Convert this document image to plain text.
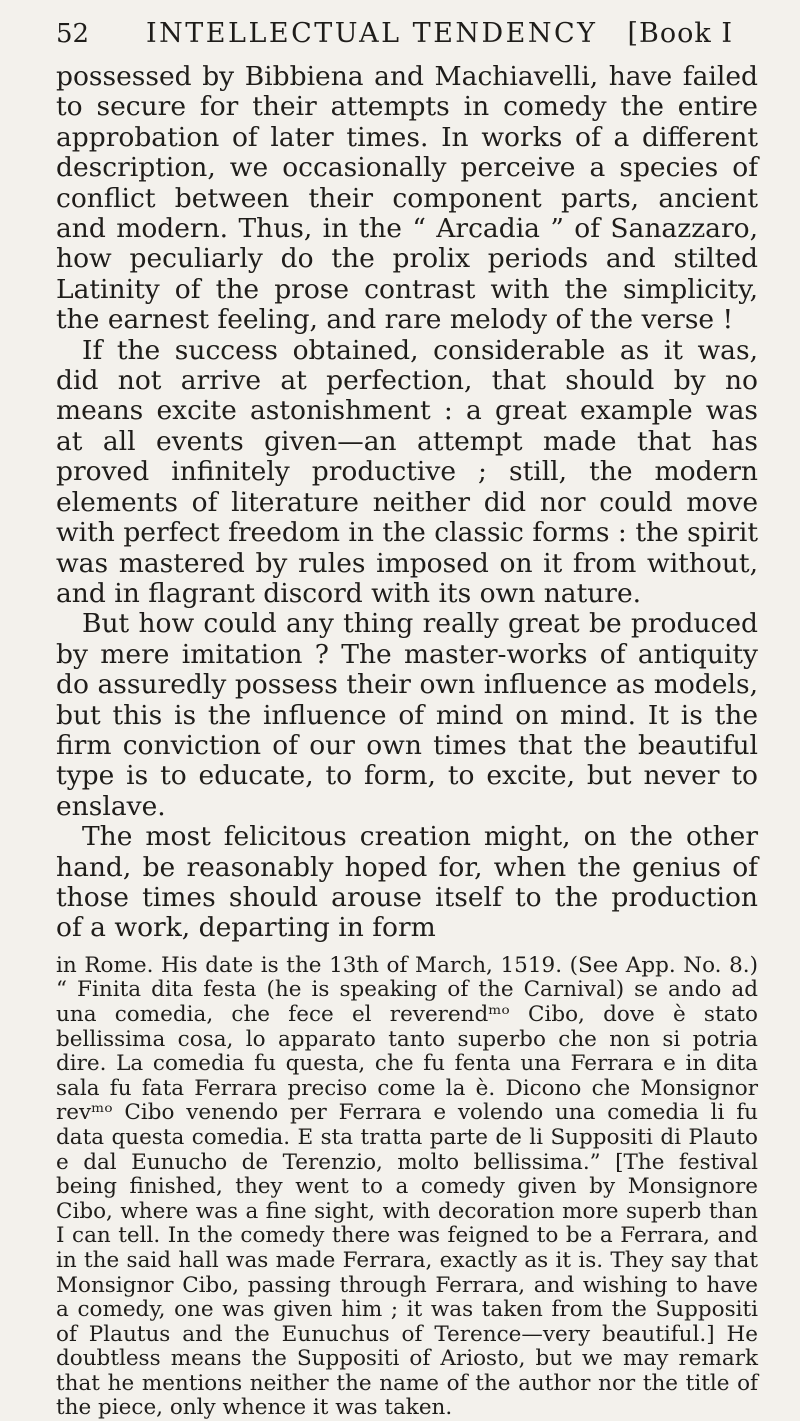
52	INTELLECTUAL TENDENCY [Book I

possessed by Bibbiena and Machiavelli, have failed to secure for their attempts in comedy the entire approbation of later times. In works of a different description, we occasionally perceive a species of conflict between their component parts, ancient and modern. Thus, in the “ Arcadia ” of Sanazzaro, how peculiarly do the prolix periods and stilted Latinity of the prose contrast with the simplicity, the earnest feeling, and rare melody of the verse !

If the success obtained, considerable as it was, did not arrive at perfection, that should by no means excite astonishment : a great example was at all events given—an attempt made that has proved infinitely productive ; still, the modern elements of literature neither did nor could move with perfect freedom in the classic forms : the spirit was mastered by rules imposed on it from without, and in flagrant discord with its own nature.

But how could any thing really great be produced by mere imitation ? The master-works of antiquity do assuredly possess their own influence as models, but this is the influence of mind on mind. It is the firm conviction of our own times that the beautiful type is to educate, to form, to excite, but never to enslave.

The most felicitous creation might, on the other hand, be reasonably hoped for, when the genius of those times should arouse itself to the production of a work, departing in form

in Rome. His date is the 13th of March, 1519. (See App. No. 8.) “ Finita dita festa (he is speaking of the Carnival) se ando ad una comedia, che fece el reverendᵐᵒ Cibo, dove è stato bellissima cosa, lo apparato tanto superbo che non si potria dire. La comedia fu questa, che fu fenta una Ferrara e in dita sala fu fata Ferrara preciso come la è. Dicono che Monsignor revᵐᵒ Cibo venendo per Ferrara e volendo una comedia li fu data questa comedia. E sta tratta parte de li Suppositi di Plauto e dal Eunucho de Terenzio, molto bellissima.” [The festival being finished, they went to a comedy given by Monsignore Cibo, where was a fine sight, with decoration more superb than I can tell. In the comedy there was feigned to be a Ferrara, and in the said hall was made Ferrara, exactly as it is. They say that Monsignor Cibo, passing through Ferrara, and wishing to have a comedy, one was given him ; it was taken from the Suppositi of Plautus and the Eunuchus of Terence—very beautiful.] He doubtless means the Suppositi of Ariosto, but we may remark that he mentions neither the name of the author nor the title of the piece, only whence it was taken.
